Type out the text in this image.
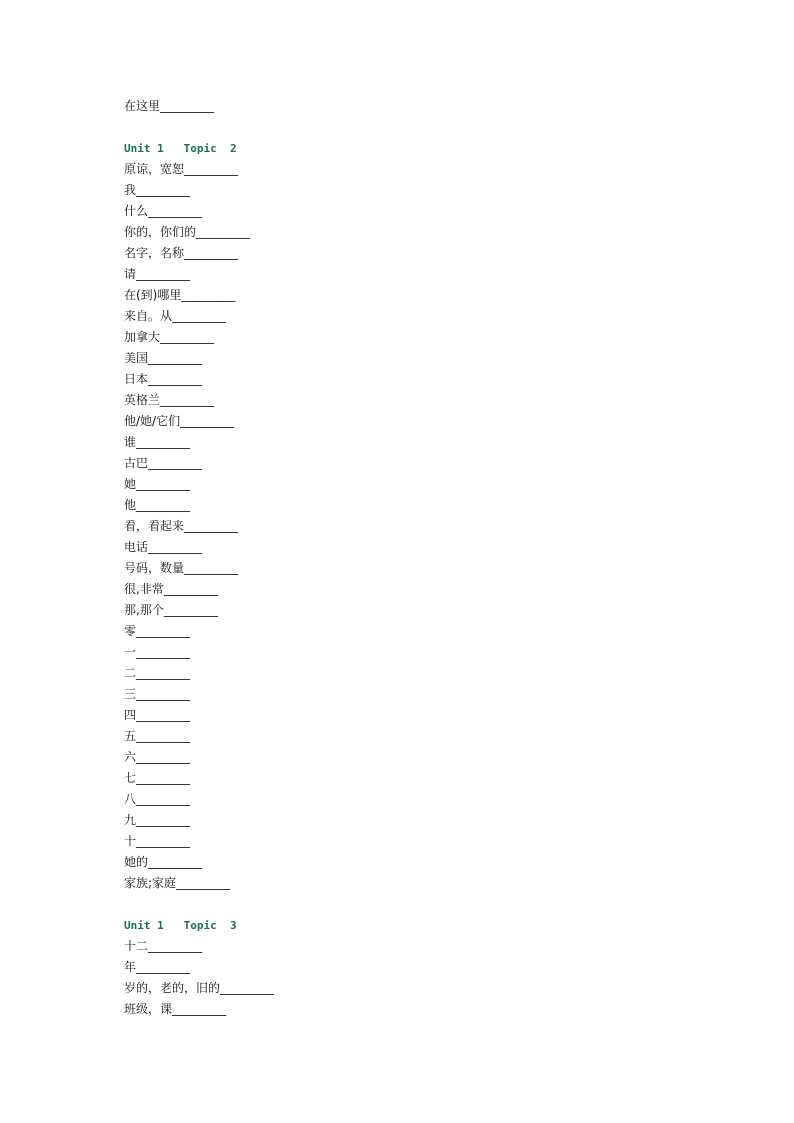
在这里_________
Unit 1   Topic  2
原谅，宽恕_________
我_________
什么_________
你的，你们的_________
名字，名称_________
请_________
在(到)哪里_________
来自。从_________
加拿大_________
美国_________
日本_________
英格兰_________
他/她/它们_________
谁_________
古巴_________
她_________
他_________
看，看起来_________
电话_________
号码，数量_________
很,非常_________
那,那个_________
零_________
一_________
二_________
三_________
四_________
五_________
六_________
七_________
八_________
九_________
十_________
她的_________
家族;家庭_________
Unit 1   Topic  3
十二_________
年_________
岁的，老的，旧的_________
班级，课_________
